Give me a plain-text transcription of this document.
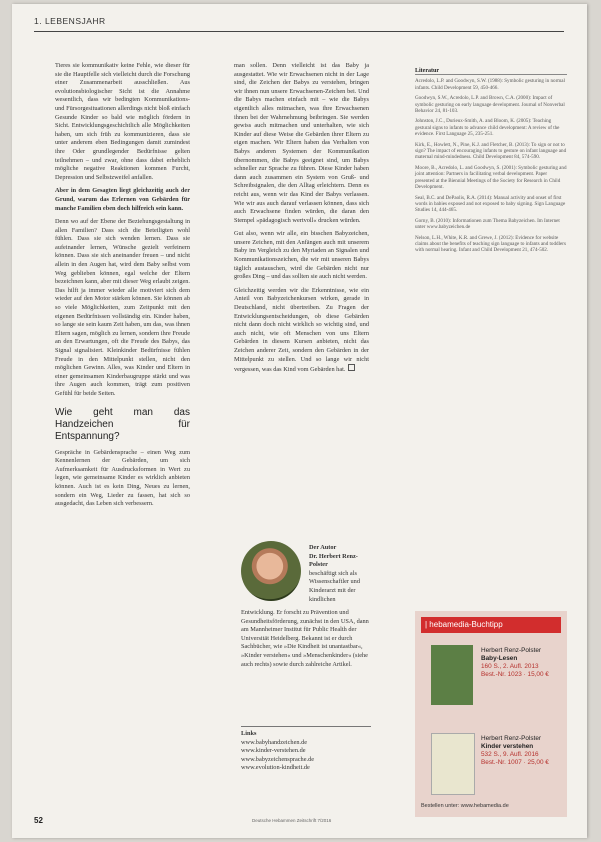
1. LEBENSJAHR

Tieres sie kommunikativ keine Fehle, wie dieser für sie die Hauptfelle sich vielleicht durch die Forschung einer Zusammenarbeit ausschließen. Aus evolutionsbiologischer Sicht ist die Annahme wesentlich, dass wir bedingten Kommunikations- und Fürsorgesituationen allerdings nicht bloß einfach Gesunde Kinder so bald wie möglich fördern in Sicht. Entwicklungsgeschichtlich alle Möglichkeiten haben, um sich früh zu kommunizieren, dass sie unter anderem eben Bedingungen damit zumindest ihre Oder grundlegender Bedürfnisse gelten teilnehmen – und zwar, ohne dass dabei erheblich mögliche negative Reaktionen kommen Furcht, Depression und Selbstzweifel anfallen.

Aber in dem Gesagten liegt gleichzeitig auch der Grund, warum das Erlernen von Gebärden für manche Familien eben doch hilfreich sein kann.

Denn wo auf der Ebene der Beziehungsgestaltung in allen Familien? Dass sich die Beteiligten wohl fühlen. Dass sie sich wenden lernen. Dass sie aufeinander lernen, Wünsche gezielt verfeinern können. Dass sie sich aneinander freuen – und nicht allein in den Augen hat, wird dem Baby selbst vom Weg geblieben können, egal welche der Eltern bezeichnen kann, aber mit dieser Weg erlaubt zeigen. Das hilft ja immer wieder alle motiviert sich dem wieder auf den Motor stärken können. Sie können ab so viele Möglichkeiten, zum Zeitpunkt mit den eigenen Bedürfnissen vollständig ein. Kinder haben, so lange sie sein kaum Zeit haben, um das, was ihnen Eltern sagen, möglich zu lernen, sondern ihre Freude an den Erwartungen, oft die Freude des Babys, das Signal signalisiert. Kleinkinder Bedürfnisse fühlen Freude in den Mittelpunkt stellen, nicht den möglichen Gewinn. Alles, was Kinder und Eltern in einer gemeinsamen Kinderbaugruppe stärkt und was ihre Augen auch kommen, trägt zum positiven Gefühl für beide Seiten.

Wie geht man das Handzeichen für Entspannung?

Gespräche in Gebärdensprache – einen Weg zum Kennenlernen der Gebärden, um sich Aufmerksamkeit für Ausdrucksformen in Wert zu legen, wie gemeinsame Kinder es wirklich anbieten können. Auch ist es kein Ding, Neues zu lernen, sondern ein Weg, Lieder zu fassen, hat sich so ausgedacht, das Leben sich verbessern.

man sollen. Denn vielleicht ist das Baby ja ausgestattet. Wie wir Erwachsenen nicht in der Lage sind, die Zeichen der Babys zu verstehen, bringen wir ihnen nun unsere Erwachsenen-Zeichen bei. Und die Babys machen einfach mit – wie die Babys eigentlich alles mitmachen, was ihre Erwachsenen ihnen bei der Wahrnehmung beibringen. Sie werden gewiss auch mitmachen und unterhalten, wie sich Kinder auf diese Weise die Gebärden ihrer Eltern zu eigen machen. Wir Eltern haben das Verhalten von Babys anderen Systemen der Kommunikation übernommen, die Babys geeignet sind, um Babys schneller zur Sprache zu führen. Diese Kinder haben dann auch zusammen ein System von Gruß- und Schreibsignalen, die den Alltag erleichtern. Denn es reicht aus, wenn wir das Kind der Babys verlassen. Wie wir aus auch darauf verlassen können, dass sich auch Erwachsene finden würden, die daran den Stempel »pädagogisch wertvoll« drucken würden.

Gut also, wenn wir alle, ein bisschen Babyzeichen, unsere Zeichen, mit den Anfängen auch mit unserem Baby im Vergleich zu den Myriaden an Signalen und Kommunikationszeichen, die wir mit unseren Babys täglich austauschen, wird die Gebärden nicht nur großes Ding – und das sollten sie auch nicht werden.

Gleichzeitig werden wir die Erkenntnisse, wie ein Anteil von Babyzeichenkursen wirken, gerade in Deutschland, nicht übertreiben. Zu Fragen der Entwicklungsentscheidungen, ob diese Gebärden nicht dann doch nicht wirklich so wichtig sind, und auch nicht, wie oft Menschen von uns Eltern Gebärden in diesem Kursen anbieten, nicht das Zeichen anderer Zeit, sondern den Gebärden in der Mittelpunkt zu stellen. Und so lange wir nicht vergessen, was das Kind vom Gebärden hat.

Der Autor
Dr. Herbert Renz-Polster
beschäftigt sich als Wissenschaftler und Kinderarzt mit der kindlichen
Entwicklung. Er forscht zu Prävention und Gesundheitsförderung, zunächst in den USA, dann am Mannheimer Institut für Public Health der Universität Heidelberg. Bekannt ist er durch Sachbücher, wie »Die Kindheit ist unantastbar«, »Kinder verstehen« und »Menschenkinder« (siehe auch rechts) sowie durch zahlreiche Artikel.
Links
www.babyhandzeichen.de
www.kinder-verstehen.de
www.babyzeichensprache.de
www.evolution-kindheit.de
Literatur

Acredolo, L.P. and Goodwyn, S.W. (1988): Symbolic gesturing in normal infants. Child Development 59, 450-466.

Goodwyn, S.W., Acredolo, L.P. and Brown, C.A. (2000): Impact of symbolic gesturing on early language development. Journal of Nonverbal Behavior 24, 81-103.

Johnston, J.C., Durieux-Smith, A. and Bloom, K. (2005): Teaching gestural signs to infants to advance child development: A review of the evidence. First Language 25, 235-251.

Kirk, E., Howlett, N., Pine, K.J. and Fletcher, B. (2013): To sign or not to sign? The impact of encouraging infants to gesture on infant language and maternal mind-mindedness. Child Development 84, 574-590.

Moore, B., Acredolo, L. and Goodwyn, S. (2001): Symbolic gesturing and joint attention: Partners in facilitating verbal development. Paper presented at the Biennial Meetings of the Society for Research in Child Development.

Seal, B.C. and DePaolis, R.A. (2014): Manual activity and onset of first words in babies exposed and not exposed to baby signing. Sign Language Studies 14, 444-465.

Gorny, B. (2010): Informationen zum Thema Babyzeichen. Im Internet unter www.babyzeichen.de

Nelson, L.H., White, K.R. and Grewe, J. (2012): Evidence for website claims about the benefits of teaching sign language to infants and toddlers with normal hearing. Infant and Child Development 21, 474-502.

| hebamedia-Buchtipp
Herbert Renz-Polster
Baby-Lesen
160 S., 2. Aufl. 2013
Best.-Nr. 1023 · 15,00 €
Herbert Renz-Polster
Kinder verstehen
532 S., 9. Aufl. 2016
Best.-Nr. 1007 · 25,00 €
Bestellen unter: www.hebamedia.de
52	Deutsche Hebammen Zeitschrift 7/2016
